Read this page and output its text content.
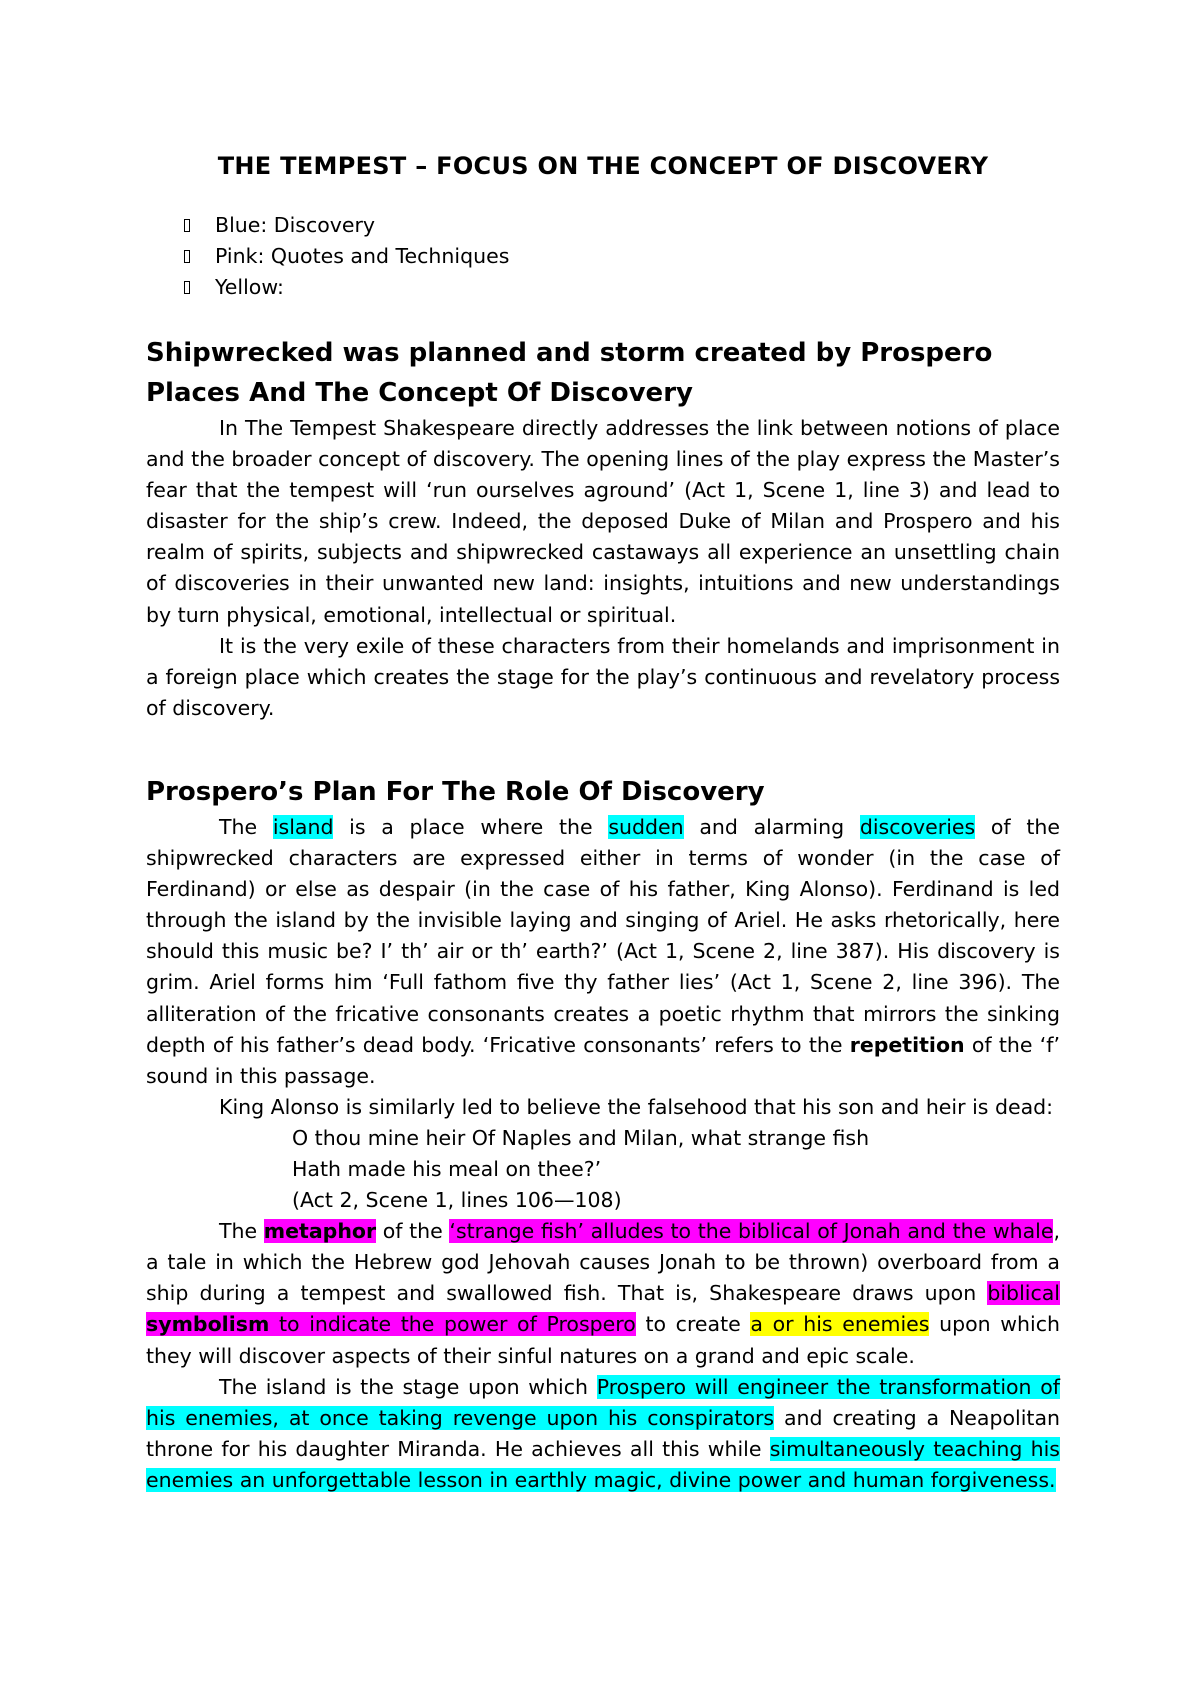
THE TEMPEST – FOCUS ON THE CONCEPT OF DISCOVERY
Blue: Discovery
Pink: Quotes and Techniques
Yellow:
Shipwrecked was planned and storm created by Prospero
Places And The Concept Of Discovery

In The Tempest Shakespeare directly addresses the link between notions of place and the broader concept of discovery. The opening lines of the play express the Master’s fear that the tempest will ‘run ourselves aground’ (Act 1, Scene 1, line 3) and lead to disaster for the ship’s crew. Indeed, the deposed Duke of Milan and Prospero and his realm of spirits, subjects and shipwrecked castaways all experience an unsettling chain of discoveries in their unwanted new land: insights, intuitions and new understandings by turn physical, emotional, intellectual or spiritual.

It is the very exile of these characters from their homelands and imprisonment in a foreign place which creates the stage for the play’s continuous and revelatory process of discovery.

Prospero’s Plan For The Role Of Discovery

The island is a place where the sudden and alarming discoveries of the shipwrecked characters are expressed either in terms of wonder (in the case of Ferdinand) or else as despair (in the case of his father, King Alonso). Ferdinand is led through the island by the invisible laying and singing of Ariel. He asks rhetorically, here should this music be? I’ th’ air or th’ earth?’ (Act 1, Scene 2, line 387). His discovery is grim. Ariel forms him ‘Full fathom five thy father lies’ (Act 1, Scene 2, line 396). The alliteration of the fricative consonants creates a poetic rhythm that mirrors the sinking depth of his father’s dead body. ‘Fricative consonants’ refers to the repetition of the ‘f’ sound in this passage.

King Alonso is similarly led to believe the falsehood that his son and heir is dead:

O thou mine heir Of Naples and Milan, what strange fish
Hath made his meal on thee?’
(Act 2, Scene 1, lines 106—108)

The metaphor of the ‘strange fish’ alludes to the biblical of Jonah and the whale, a tale in which the Hebrew god Jehovah causes Jonah to be thrown) overboard from a ship during a tempest and swallowed fish. That is, Shakespeare draws upon biblical symbolism to indicate the power of Prospero to create a or his enemies upon which they will discover aspects of their sinful natures on a grand and epic scale.

The island is the stage upon which Prospero will engineer the transformation of his enemies, at once taking revenge upon his conspirators and creating a Neapolitan throne for his daughter Miranda. He achieves all this while simultaneously teaching his enemies an unforgettable lesson in earthly magic, divine power and human forgiveness.
